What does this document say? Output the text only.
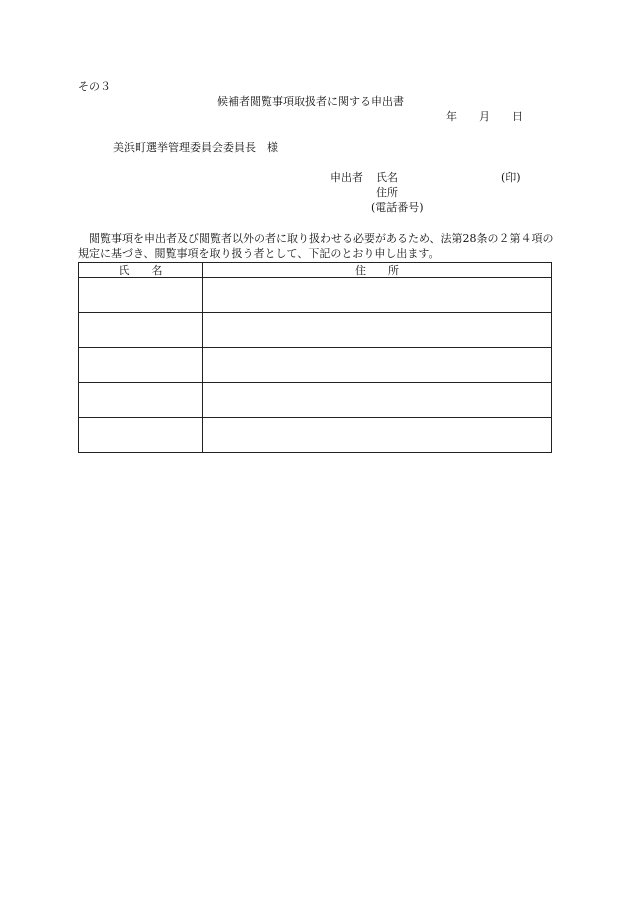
その３
候補者閲覧事項取扱者に関する申出書
年 月 日
美浜町選挙管理委員会委員長　様
申出者 氏名	(印)
住所
(電話番号)
　閲覧事項を申出者及び閲覧者以外の者に取り扱わせる必要があるため、法第28条の２第４項の規定に基づき、閲覧事項を取り扱う者として、下記のとおり申し出ます。
氏　　名	住　　所
